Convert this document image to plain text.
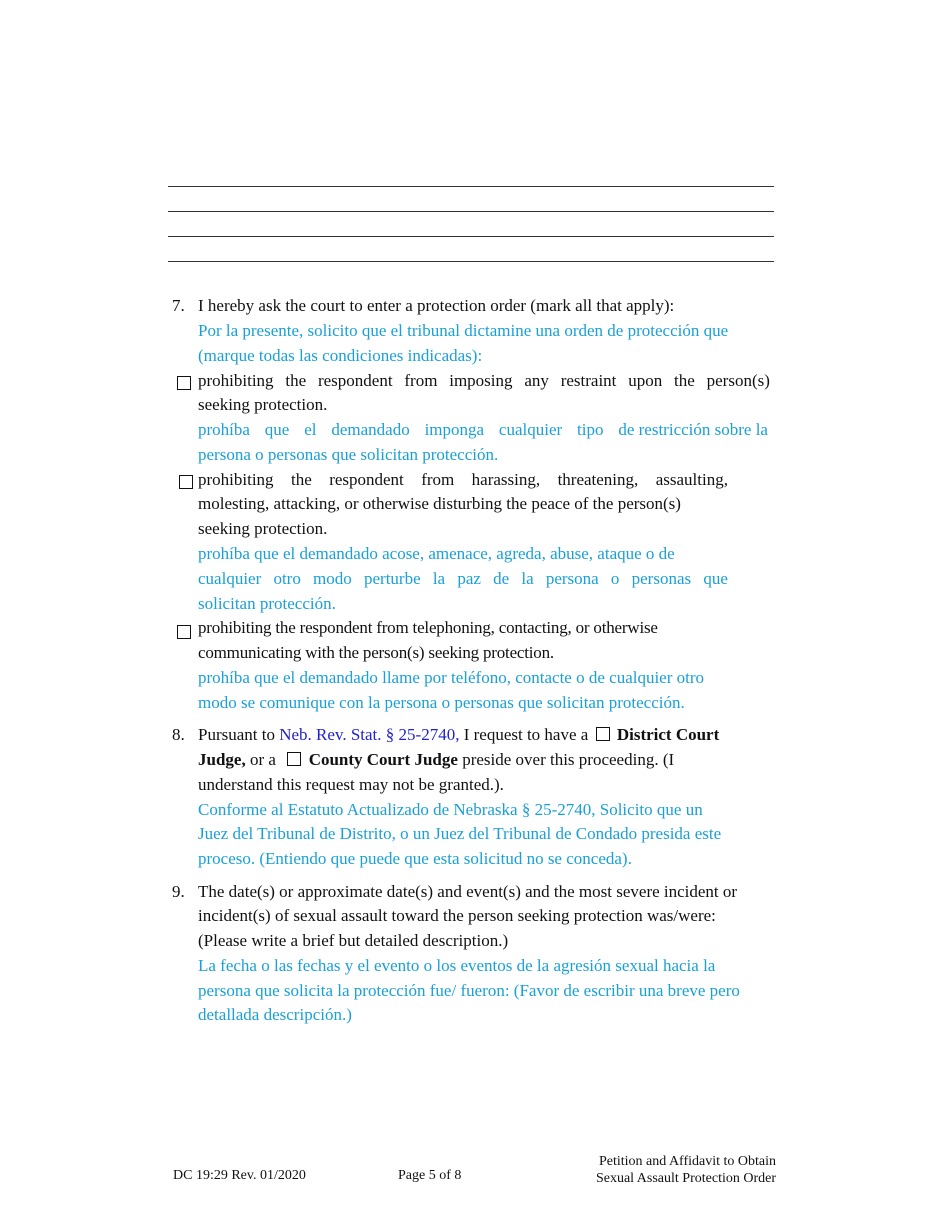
7. I hereby ask the court to enter a protection order (mark all that apply):
Por la presente, solicito que el tribunal dictamine una orden de protección que
(marque todas las condiciones indicadas):
prohibiting the respondent from imposing any restraint upon the person(s)
seeking protection.
prohíba que el demandado imponga cualquier tipo de restricción sobre la
persona o personas que solicitan protección.
prohibiting the respondent from harassing, threatening, assaulting,
molesting, attacking, or otherwise disturbing the peace of the person(s)
seeking protection.
prohíba que el demandado acose, amenace, agreda, abuse, ataque o de
cualquier otro modo perturbe la paz de la persona o personas que
solicitan protección.
prohibiting the respondent from telephoning, contacting, or otherwise
communicating with the person(s) seeking protection.
prohíba que el demandado llame por teléfono, contacte o de cualquier otro
modo se comunique con la persona o personas que solicitan protección.
8. Pursuant to Neb. Rev. Stat. § 25-2740, I request to have a  District Court
Judge, or a   County Court Judge preside over this proceeding. (I
understand this request may not be granted.).
Conforme al Estatuto Actualizado de Nebraska § 25-2740, Solicito que un
Juez del Tribunal de Distrito, o un Juez del Tribunal de Condado presida este
proceso. (Entiendo que puede que esta solicitud no se conceda).
9. The date(s) or approximate date(s) and event(s) and the most severe incident or
incident(s) of sexual assault toward the person seeking protection was/were:
(Please write a brief but detailed description.)
La fecha o las fechas y el evento o los eventos de la agresión sexual hacia la
persona que solicita la protección fue/ fueron: (Favor de escribir una breve pero
detallada descripción.)
DC 19:29 Rev. 01/2020	Page 5 of 8
Petition and Affidavit to Obtain
Sexual Assault Protection Order
